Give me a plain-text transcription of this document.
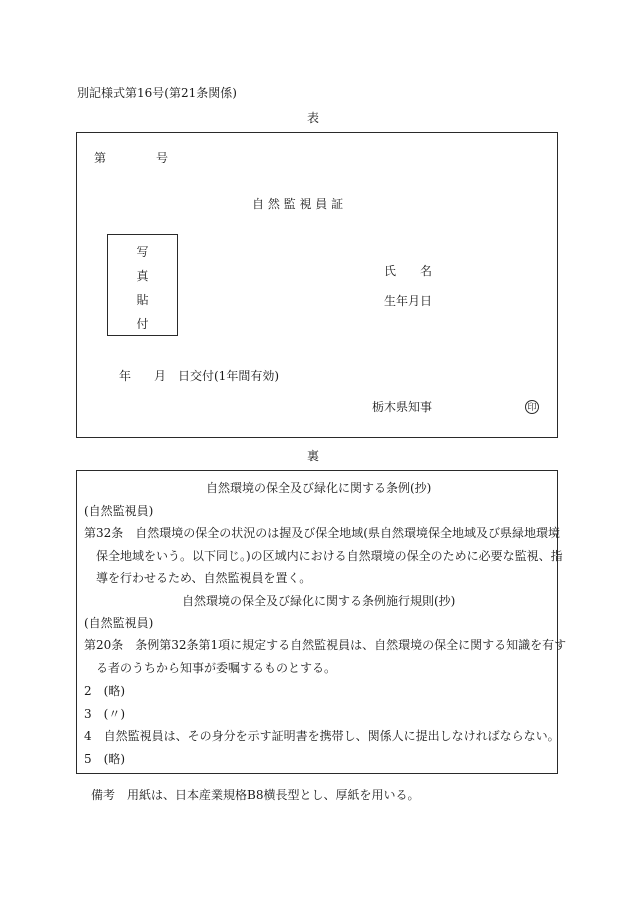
別記様式第16号(第21条関係)
表
第	号
自 然 監 視 員 証
写
真
貼
付
氏　　名
生年月日
年 月 日交付(1年間有効)
栃木県知事	印
裏
自然環境の保全及び緑化に関する条例(抄)
(自然監視員)
第32条　自然環境の保全の状況のは握及び保全地域(県自然環境保全地域及び県緑地環境
保全地域をいう。以下同じ。)の区域内における自然環境の保全のために必要な監視、指
導を行わせるため、自然監視員を置く。
自然環境の保全及び緑化に関する条例施行規則(抄)
(自然監視員)
第20条　条例第32条第1項に規定する自然監視員は、自然環境の保全に関する知識を有す
る者のうちから知事が委嘱するものとする。
2　(略)
3　(〃)
4　自然監視員は、その身分を示す証明書を携帯し、関係人に提出しなければならない。
5　(略)
備考　用紙は、日本産業規格B8横長型とし、厚紙を用いる。
